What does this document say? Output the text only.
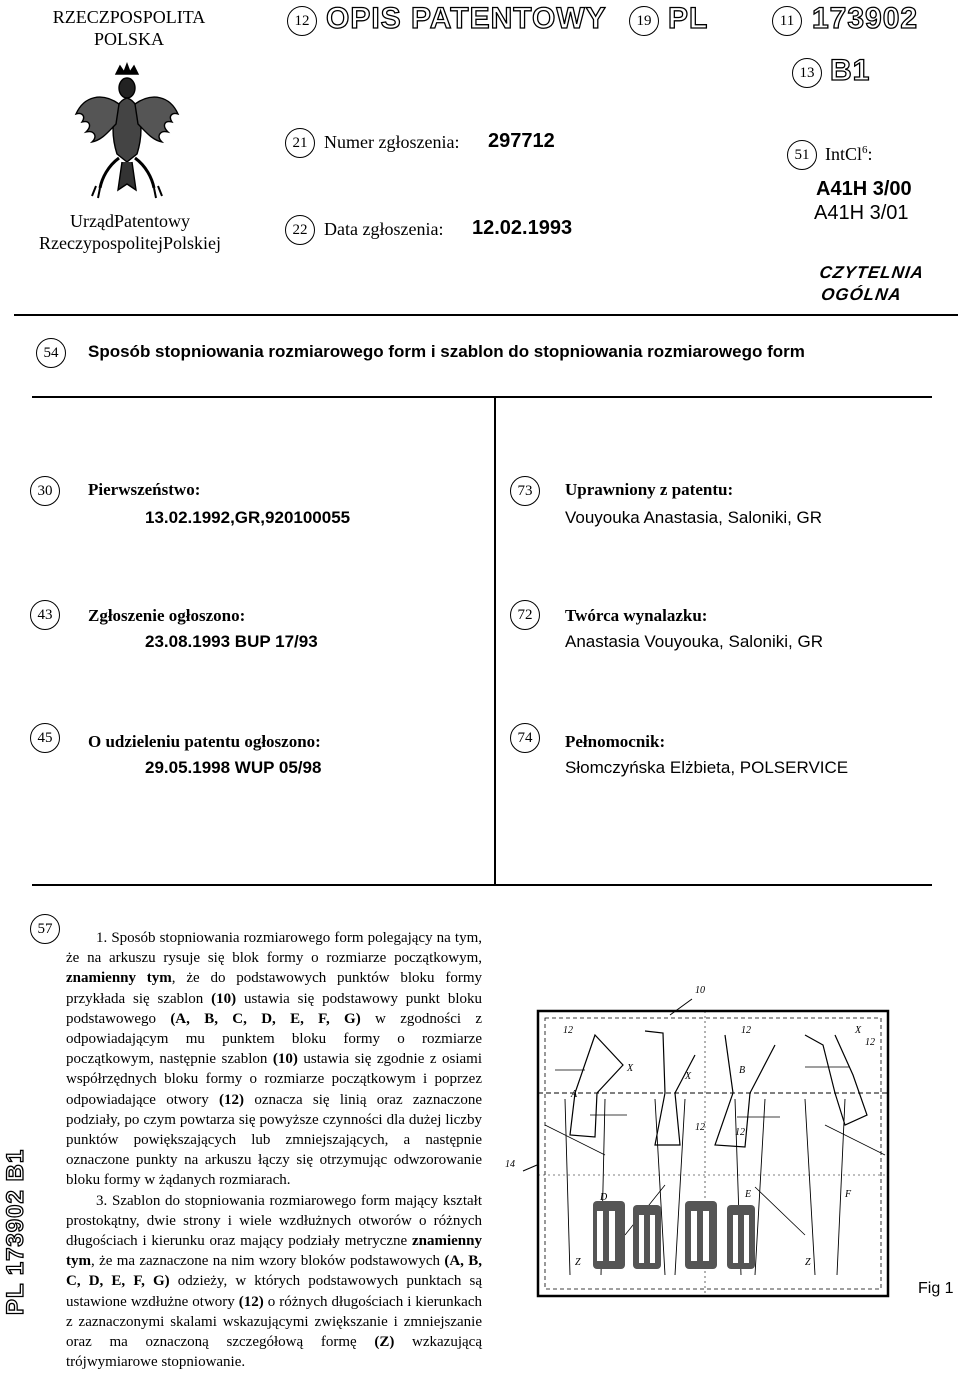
RZECZPOSPOLITA
POLSKA
UrządPatentowy
RzeczypospolitejPolskiej
12 OPIS PATENTOWY	19 PL	11 173902
13 B1
21 Numer zgłoszenia: 297712
22 Data zgłoszenia: 12.02.1993
51 IntCl$^6$:
A41H 3/00
A41H 3/01
CZYTELNIA
OGÓLNA
54	Sposób stopniowania rozmiarowego form i szablon do stopniowania rozmiarowego form
30	Pierwszeństwo:
13.02.1992,GR,920100055
43	Zgłoszenie ogłoszono:
23.08.1993 BUP 17/93
45	O udzieleniu patentu ogłoszono:
29.05.1998 WUP 05/98
73	Uprawniony z patentu:
Vouyouka Anastasia, Saloniki, GR
72	Twórca wynalazku:
Anastasia Vouyouka, Saloniki, GR
74	Pełnomocnik:
Słomczyńska Elżbieta, POLSERVICE
57

1. Sposób stopniowania rozmiarowego form polegający na tym, że na arkuszu rysuje się blok formy o rozmiarze początkowym, znamienny tym, że do podstawowych punktów bloku formy przykłada się szablon (10) ustawia się podstawowy punkt bloku podstawowego (A, B, C, D, E, F, G) w zgodności z odpowiadającym mu punktem bloku formy o rozmiarze początkowym, następnie szablon (10) ustawia się zgodnie z osiami współrzędnych bloku formy o rozmiarze początkowym i poprzez odpowiadające otwory (12) oznacza się linią oraz zaznaczone podziały, po czym powtarza się powyższe czynności dla dużej liczby punktów powiększających lub zmniejszających, a następnie oznaczone punkty na arkuszu łączy się otrzymując odwzorowanie bloku formy w żądanych rozmiarach.

3. Szablon do stopniowania rozmiarowego form mający kształt prostokątny, dwie strony i wiele wzdłużnych otworów o różnych długościach i kierunku oraz mający podziały metryczne znamienny tym, że ma zaznaczone na nim wzory bloków podstawowych (A, B, C, D, E, F, G) odzieży, w których podstawowych punktach są ustawione wzdłużne otwory (12) o różnych długościach i kierunkach z zaznaczonymi skalami wskazującymi zwiększanie i zmniejszanie oraz ma oznaczoną szczegółową formę (Z) wzkazującą trójwymiarowe stopniowanie.

PL 173902 B1
10
14
12	12
12
12	12
X
X
X
B
A
D	E	F
Z	Z
Fig 1
